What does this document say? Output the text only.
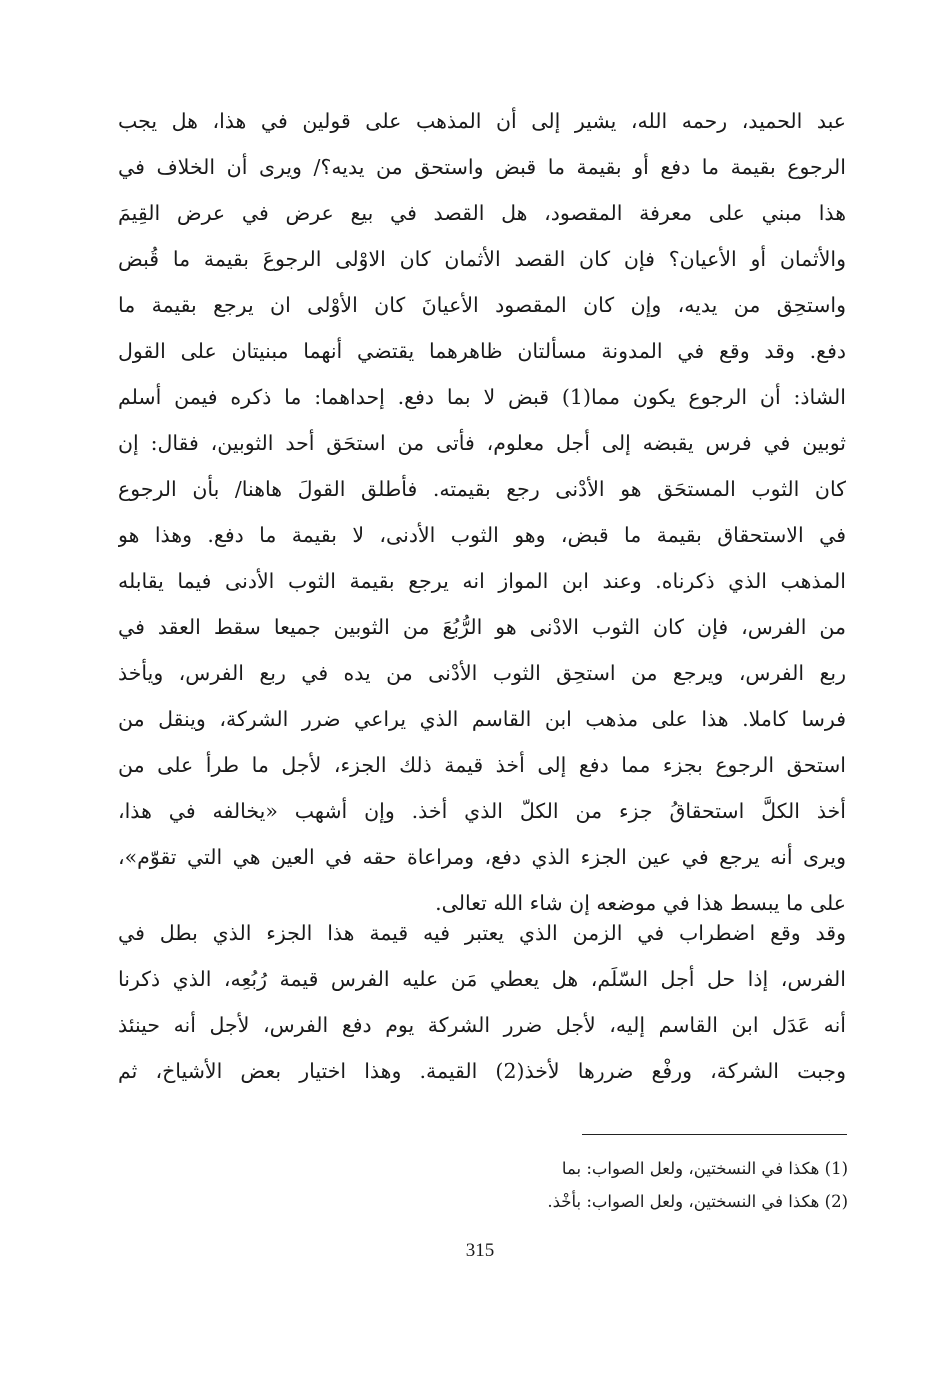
عبد الحميد، رحمه الله، يشير إلى أن المذهب على قولين في هذا، هل يجب
الرجوع بقيمة ما دفع أو بقيمة ما قبض واستحق من يديه؟/ ويرى أن الخلاف في
هذا مبني على معرفة المقصود، هل القصد في بيع عرض في عرض القِيمَ
والأثمان أو الأعيان؟ فإن كان القصد الأثمان كان الاوْلى الرجوعَ بقيمة ما قُبض
واستحِق من يديه، وإن كان المقصود الأعيانَ كان الأوْلى ان يرجع بقيمة ما
دفع. وقد وقع في المدونة مسألتان ظاهرهما يقتضي أنهما مبنيتان على القول
الشاذ: أن الرجوع يكون مما(1) قبض لا بما دفع. إحداهما: ما ذكره فيمن أسلم
ثوبين في فرس يقبضه إلى أجل معلوم، فأتى من استحَق أحد الثوبين، فقال: إن
كان الثوب المستحَق هو الأدْنى رجع بقيمته. فأطلق القولَ هاهنا/ بأن الرجوع
في الاستحقاق بقيمة ما قبض، وهو الثوب الأدنى، لا بقيمة ما دفع. وهذا هو
المذهب الذي ذكرناه. وعند ابن المواز انه يرجع بقيمة الثوب الأدنى فيما يقابله
من الفرس، فإن كان الثوب الادْنى هو الرُّبُعَ من الثوبين جميعا سقط العقد في
ربع الفرس، ويرجع من استحِق الثوب الأدْنى من يده في ربع الفرس، ويأخذ
فرسا كاملا. هذا على مذهب ابن القاسم الذي يراعي ضرر الشركة، وينقل من
استحق الرجوع بجزء مما دفع إلى أخذ قيمة ذلك الجزء، لأجل ما طرأ على من
أخذ الكلَّ استحقاقُ جزء من الكلّ الذي أخذ. وإن أشهب «يخالفه في هذا،
ويرى أنه يرجع في عين الجزء الذي دفع، ومراعاة حقه في العين هي التي تقوّم»،
على ما يبسط هذا في موضعه إن شاء الله تعالى.
وقد وقع اضطراب في الزمن الذي يعتبر فيه قيمة هذا الجزء الذي بطل في
الفرس، إذا حل أجل السّلَم، هل يعطي مَن عليه الفرس قيمة رُبُعِه، الذي ذكرنا
أنه عَدَل ابن القاسم إليه، لأجل ضرر الشركة يوم دفع الفرس، لأجل أنه حينئذ
وجبت الشركة، ورفْع ضررها لأخذ(2) القيمة. وهذا اختيار بعض الأشياخ، ثم
(1) هكذا في النسختين، ولعل الصواب: بما
(2) هكذا في النسختين، ولعل الصواب: بأخْذ.
315
